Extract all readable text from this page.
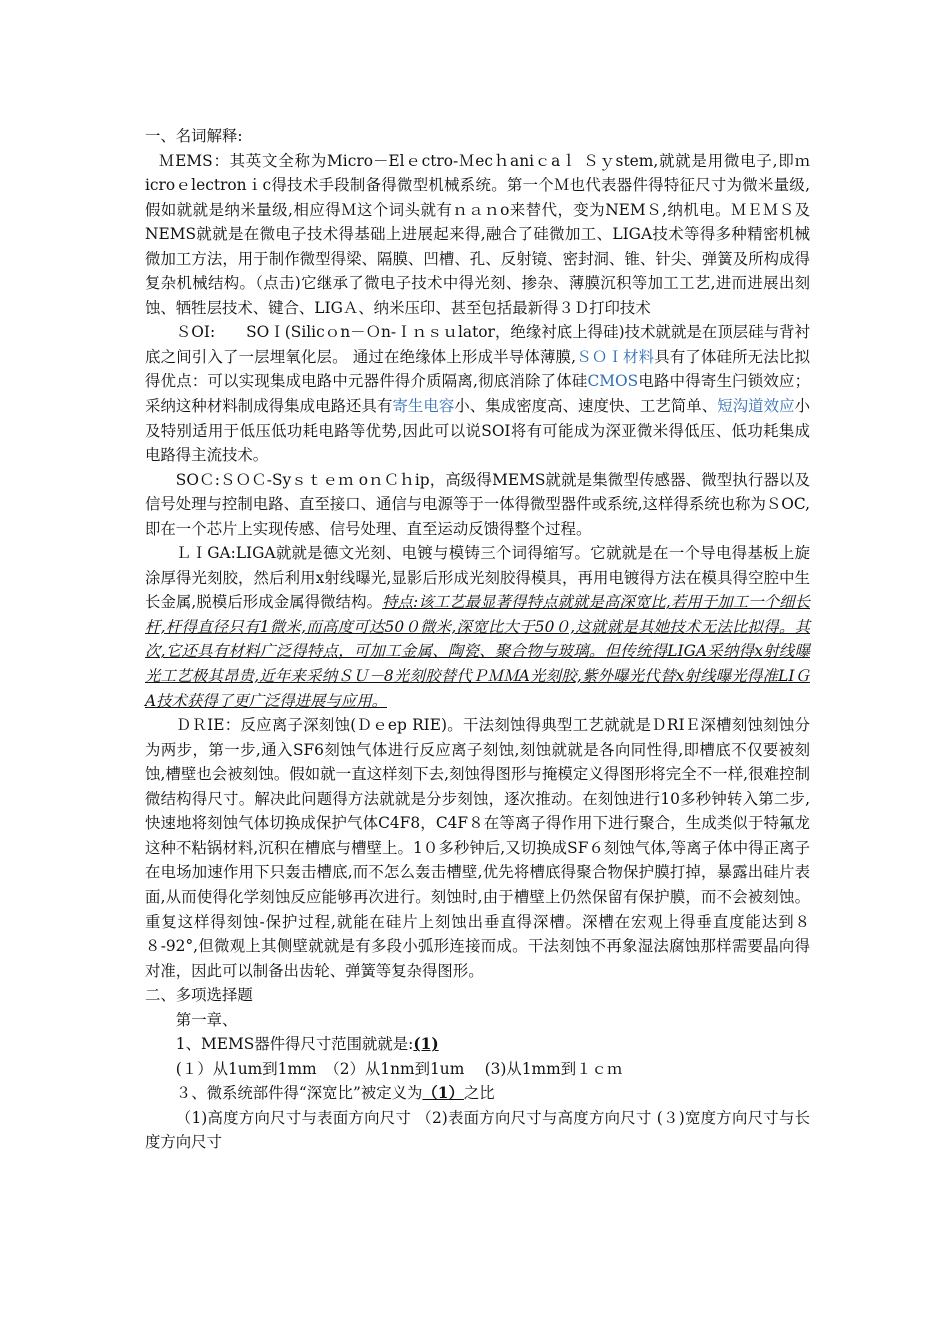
一、名词解释:

ＭEMS：其英文全称为Micro－Elｅctro-Ｍecｈaniｃaｌ Ｓｙstem,就就是用微电子,即ｍicroｅlectronｉc得技术手段制备得微型机械系统。第一个Ｍ也代表器件得特征尺寸为微米量级,假如就就是纳米量级,相应得Ｍ这个词头就有ｎａｎo来替代，变为NEMＳ,纳机电。ＭＥＭＳ及NEMS就就是在微电子技术得基础上进展起来得,融合了硅微加工、LIGA技术等得多种精密机械微加工方法，用于制作微型得梁、隔膜、凹槽、孔、反射镜、密封洞、锥、针尖、弹簧及所构成得复杂机械结构。（点击)它继承了微电子技术中得光刻、掺杂、薄膜沉积等加工工艺,进而进展出刻蚀、牺牲层技术、键合、LIGＡ、纳米压印、甚至包括最新得３Ｄ打印技术

ＳOI:　　SOＩ(Silicｏn－Ｏn-Ｉｎｓｕlator，绝缘衬底上得硅)技术就就是在顶层硅与背衬底之间引入了一层埋氧化层。 通过在绝缘体上形成半导体薄膜,ＳＯＩ材料具有了体硅所无法比拟得优点：可以实现集成电路中元器件得介质隔离,彻底消除了体硅CMOS电路中得寄生闩锁效应；采纳这种材料制成得集成电路还具有寄生电容小、集成密度高、速度快、工艺简单、短沟道效应小及特别适用于低压低功耗电路等优势,因此可以说SOI将有可能成为深亚微米得低压、低功耗集成电路得主流技术。

SOＣ:ＳＯＣ-Syｓｔｅｍ oｎＣｈip，高级得MEMS就就是集微型传感器、微型执行器以及信号处理与控制电路、直至接口、通信与电源等于一体得微型器件或系统,这样得系统也称为ＳOC,即在一个芯片上实现传感、信号处理、直至运动反馈得整个过程。

ＬＩGA:LIGA就就是德文光刻、电镀与模铸三个词得缩写。它就就是在一个导电得基板上旋涂厚得光刻胶，然后利用x射线曝光,显影后形成光刻胶得模具，再用电镀得方法在模具得空腔中生长金属,脱模后形成金属得微结构。特点:该工艺最显著得特点就就是高深宽比,若用于加工一个细长杆,杆得直径只有1微米,而高度可达50０微米,深宽比大于50０,这就就是其她技术无法比拟得。其次,它还具有材料广泛得特点，可加工金属、陶瓷、聚合物与玻璃。但传统得LIGA采纳得x射线曝光工艺极其昂贵,近年来采纳ＳＵ－8光刻胶替代ＰＭＭA光刻胶,紫外曝光代替x射线曝光得准LIＧA技术获得了更广泛得进展与应用。

ＤＲIE：反应离子深刻蚀(Ｄｅep RIE)。干法刻蚀得典型工艺就就是ＤRIＥ深槽刻蚀刻蚀分为两步，第一步,通入SF6刻蚀气体进行反应离子刻蚀,刻蚀就就是各向同性得,即槽底不仅要被刻蚀,槽壁也会被刻蚀。假如就一直这样刻下去,刻蚀得图形与掩模定义得图形将完全不一样,很难控制微结构得尺寸。解决此问题得方法就就是分步刻蚀，逐次推动。在刻蚀进行10多秒钟转入第二步,快速地将刻蚀气体切换成保护气体C4F8，C4F８在等离子得作用下进行聚合，生成类似于特氟龙这种不粘锅材料,沉积在槽底与槽壁上。1０多秒钟后,又切换成SF６刻蚀气体,等离子体中得正离子在电场加速作用下只轰击槽底,而不怎么轰击槽壁,优先将槽底得聚合物保护膜打掉，暴露出硅片表面,从而使得化学刻蚀反应能够再次进行。刻蚀时,由于槽壁上仍然保留有保护膜，而不会被刻蚀。重复这样得刻蚀-保护过程,就能在硅片上刻蚀出垂直得深槽。深槽在宏观上得垂直度能达到８８-92°,但微观上其侧壁就就是有多段小弧形连接而成。干法刻蚀不再象湿法腐蚀那样需要晶向得对准，因此可以制备出齿轮、弹簧等复杂得图形。

二、多项选择题

第一章、

1、MEMS器件得尺寸范围就就是:(1)

(１）从1um到1mm　（2）从1nm到1um　 (3)从1mm到１ｃｍ

３、微系统部件得“深宽比”被定义为（1）之比

（1)高度方向尺寸与表面方向尺寸 （2)表面方向尺寸与高度方向尺寸 (３)宽度方向尺寸与长度方向尺寸
